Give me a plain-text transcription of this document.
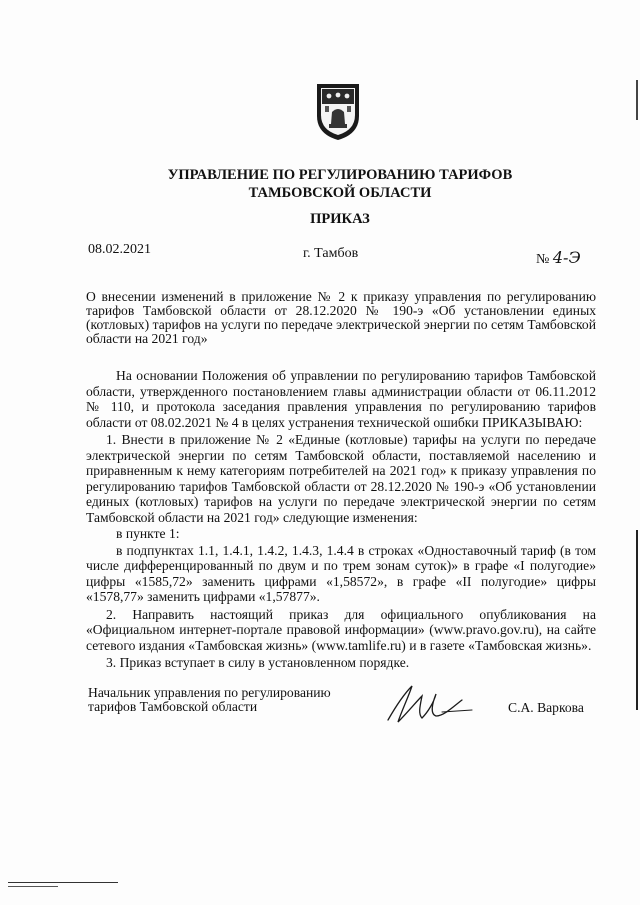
УПРАВЛЕНИЕ ПО РЕГУЛИРОВАНИЮ ТАРИФОВ
ТАМБОВСКОЙ ОБЛАСТИ
ПРИКАЗ
08.02.2021	г. Тамбов	№ 4-Э
О внесении изменений в приложение № 2 к приказу управления по регулированию тарифов Тамбовской области от 28.12.2020 № 190-э «Об установлении единых (котловых) тарифов на услуги по передаче электрической энергии по сетям Тамбовской области на 2021 год»

На основании Положения об управлении по регулированию тарифов Тамбовской области, утвержденного постановлением главы администрации области от 06.11.2012 № 110, и протокола заседания правления управления по регулированию тарифов области от 08.02.2021 № 4 в целях устранения технической ошибки ПРИКАЗЫВАЮ:

1. Внести в приложение № 2 «Единые (котловые) тарифы на услуги по передаче электрической энергии по сетям Тамбовской области, поставляемой населению и приравненным к нему категориям потребителей на 2021 год» к приказу управления по регулированию тарифов Тамбовской области от 28.12.2020 № 190-э «Об установлении единых (котловых) тарифов на услуги по передаче электрической энергии по сетям Тамбовской области на 2021 год» следующие изменения:

в пункте 1:

в подпунктах 1.1, 1.4.1, 1.4.2, 1.4.3, 1.4.4 в строках «Одноставочный тариф (в том числе дифференцированный по двум и по трем зонам суток)» в графе «I полугодие» цифры «1585,72» заменить цифрами «1,58572», в графе «II полугодие» цифры «1578,77» заменить цифрами «1,57877».

2. Направить настоящий приказ для официального опубликования на «Официальном интернет-портале правовой информации» (www.pravo.gov.ru), на сайте сетевого издания «Тамбовская жизнь» (www.tamlife.ru) и в газете «Тамбовская жизнь».

3. Приказ вступает в силу в установленном порядке.

Начальник управления по регулированию
тарифов Тамбовской области	С.А. Варкова
